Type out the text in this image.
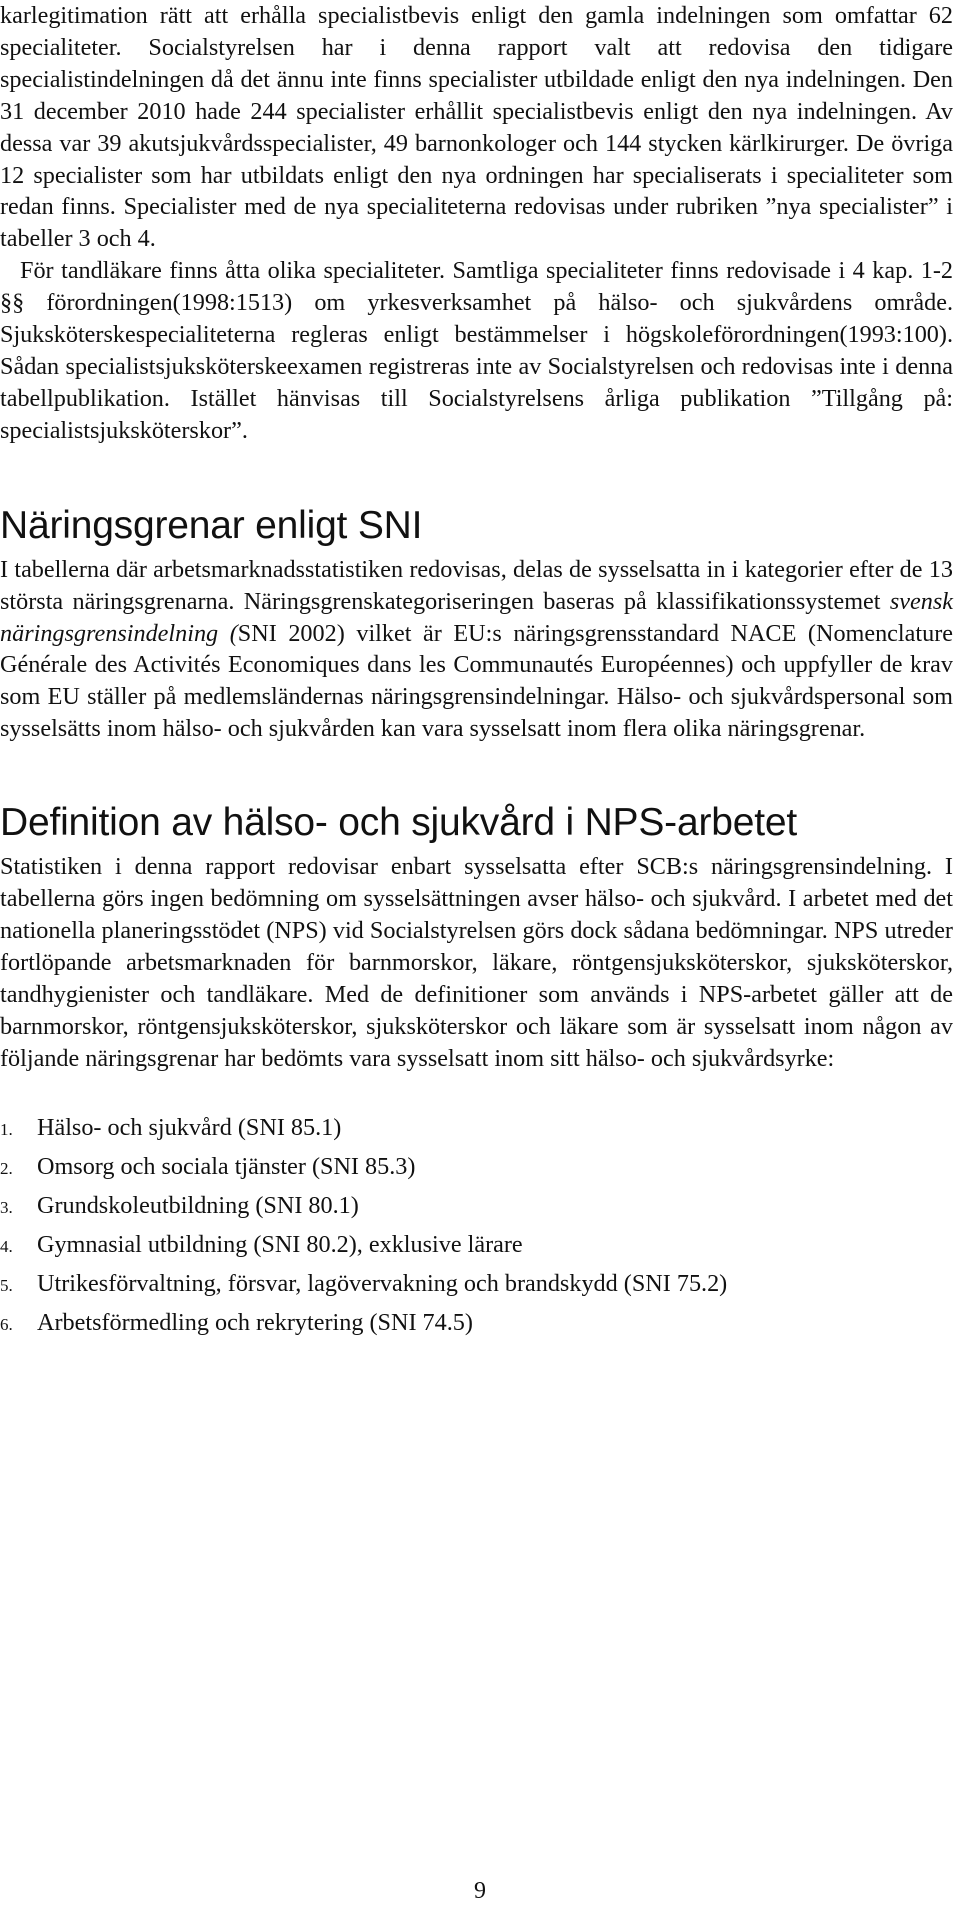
karlegitimation rätt att erhålla specialistbevis enligt den gamla indelningen som omfattar 62 specialiteter. Socialstyrelsen har i denna rapport valt att redovisa den tidigare specialistindelningen då det ännu inte finns specialister utbildade enligt den nya indelningen. Den 31 december 2010 hade 244 specialister erhållit specialistbevis enligt den nya indelningen. Av dessa var 39 akutsjukvårdsspecialister, 49 barnonkologer och 144 stycken kärlkirurger. De övriga 12 specialister som har utbildats enligt den nya ordningen har specialiserats i specialiteter som redan finns. Specialister med de nya specialiteterna redovisas under rubriken ”nya specialister” i tabeller 3 och 4.

För tandläkare finns åtta olika specialiteter. Samtliga specialiteter finns redovisade i 4 kap. 1-2 §§ förordningen(1998:1513) om yrkesverksamhet på hälso- och sjukvårdens område. Sjuksköterskespecialiteterna regleras enligt bestämmelser i högskoleförordningen(1993:100). Sådan specialistsjuksköterskeexamen registreras inte av Socialstyrelsen och redovisas inte i denna tabellpublikation. Istället hänvisas till Socialstyrelsens årliga publikation ”Tillgång på: specialistsjuksköterskor”.

Näringsgrenar enligt SNI

I tabellerna där arbetsmarknadsstatistiken redovisas, delas de sysselsatta in i kategorier efter de 13 största näringsgrenarna. Näringsgrenskategoriseringen baseras på klassifikationssystemet svensk näringsgrensindelning (SNI 2002) vilket är EU:s näringsgrensstandard NACE (Nomenclature Générale des Activités Economiques dans les Communautés Européennes) och uppfyller de krav som EU ställer på medlemsländernas näringsgrensindelningar. Hälso- och sjukvårdspersonal som sysselsätts inom hälso- och sjukvården kan vara sysselsatt inom flera olika näringsgrenar.

Definition av hälso- och sjukvård i NPS-arbetet

Statistiken i denna rapport redovisar enbart sysselsatta efter SCB:s näringsgrensindelning. I tabellerna görs ingen bedömning om sysselsättningen avser hälso- och sjukvård. I arbetet med det nationella planeringsstödet (NPS) vid Socialstyrelsen görs dock sådana bedömningar. NPS utreder fortlöpande arbetsmarknaden för barnmorskor, läkare, röntgensjuksköterskor, sjuksköterskor, tandhygienister och tandläkare. Med de definitioner som används i NPS-arbetet gäller att de barnmorskor, röntgensjuksköterskor, sjuksköterskor och läkare som är sysselsatt inom någon av följande näringsgrenar har bedömts vara sysselsatt inom sitt hälso- och sjukvårdsyrke:

1. Hälso- och sjukvård (SNI 85.1)
2. Omsorg och sociala tjänster (SNI 85.3)
3. Grundskoleutbildning (SNI 80.1)
4. Gymnasial utbildning (SNI 80.2), exklusive lärare
5. Utrikesförvaltning, försvar, lagövervakning och brandskydd (SNI 75.2)
6. Arbetsförmedling och rekrytering (SNI 74.5)
9
